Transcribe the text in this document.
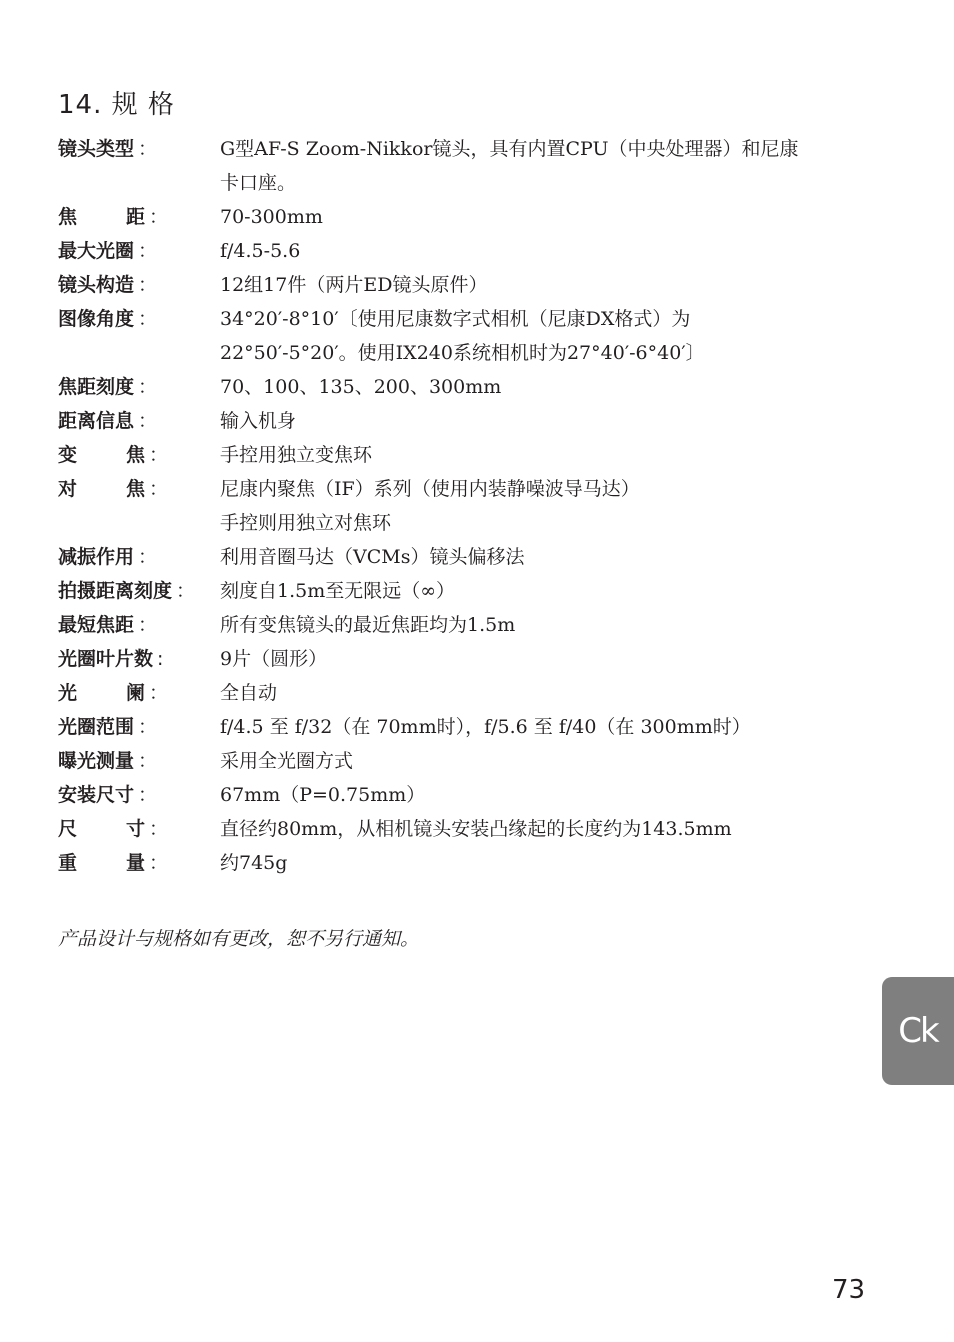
14. 规 格
镜头类型 ：	G型AF-S Zoom-Nikkor镜头，具有内置CPU（中央处理器）和尼康
卡口座。
焦距 ：	70-300mm
最大光圈 ：	f/4.5-5.6
镜头构造 ：	12组17件（两片ED镜头原件）
图像角度 ：	34°20′-8°10′〔使用尼康数字式相机（尼康DX格式）为
22°50′-5°20′。使用IX240系统相机时为27°40′-6°40′〕
焦距刻度 ：	70、100、135、200、300mm
距离信息 ：	输入机身
变焦 ：	手控用独立变焦环
对焦 ：	尼康内聚焦（IF）系列（使用内装静噪波导马达）
手控则用独立对焦环
减振作用 ：	利用音圈马达（VCMs）镜头偏移法
拍摄距离刻度 ： 刻度自1.5m至无限远（∞）
最短焦距 ：	所有变焦镜头的最近焦距均为1.5m
光圈叶片数 :	9片（圆形）
光阑 ：	全自动
光圈范围 ：	f/4.5 至 f/32（在 70mm时），f/5.6 至 f/40（在 300mm时）
曝光测量 ：	采用全光圈方式
安装尺寸 ：	67mm（P=0.75mm）
尺寸 ：	直径约80mm，从相机镜头安装凸缘起的长度约为143.5mm
重量 ：	约745g
产品设计与规格如有更改，恕不另行通知。
Ck
73
